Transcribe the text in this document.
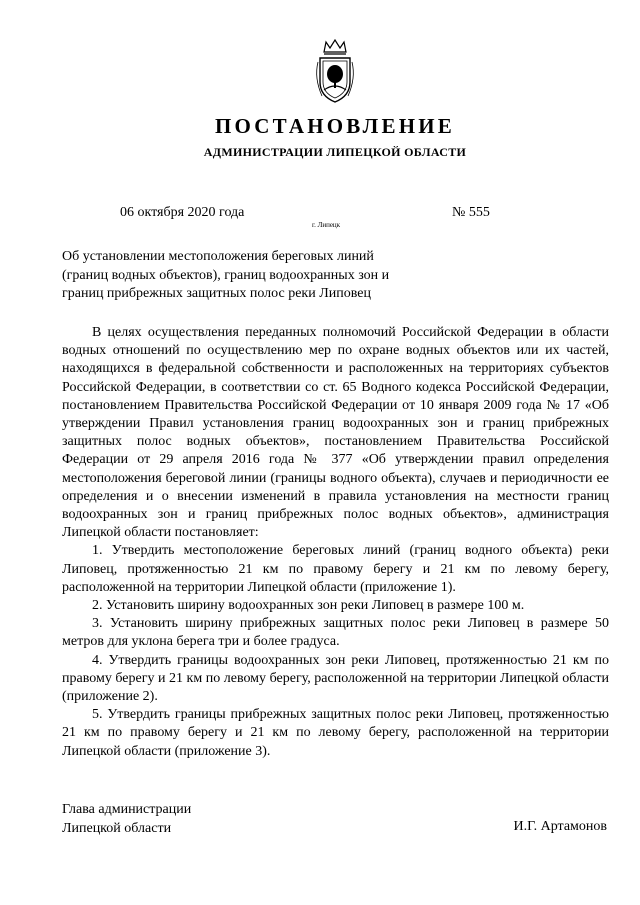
ПОСТАНОВЛЕНИЕ
АДМИНИСТРАЦИИ ЛИПЕЦКОЙ ОБЛАСТИ
06 октября 2020 года
г. Липецк
№ 555
Об установлении местоположения береговых линий
(границ водных объектов), границ водоохранных зон и
границ прибрежных защитных полос реки Липовец

В целях осуществления переданных полномочий Российской Федерации в области водных отношений по осуществлению мер по охране водных объектов или их частей, находящихся в федеральной собственности и расположенных на территориях субъектов Российской Федерации, в соответствии со ст. 65 Водного кодекса Российской Федерации, постановлением Правительства Российской Федерации от 10 января 2009 года № 17 «Об утверждении Правил установления границ водоохранных зон и границ прибрежных защитных полос водных объектов», постановлением Правительства Российской Федерации от 29 апреля 2016 года № 377 «Об утверждении правил определения местоположения береговой линии (границы водного объекта), случаев и периодичности ее определения и о внесении изменений в правила установления на местности границ водоохранных зон и границ прибрежных полос водных объектов», администрация Липецкой области постановляет:

1. Утвердить местоположение береговых линий (границ водного объекта) реки Липовец, протяженностью 21 км по правому берегу и 21 км по левому берегу, расположенной на территории Липецкой области (приложение 1).
2. Установить ширину водоохранных зон реки Липовец в размере 100 м.
3. Установить ширину прибрежных защитных полос реки Липовец в размере 50 метров для уклона берега три и более градуса.
4. Утвердить границы водоохранных зон реки Липовец, протяженностью 21 км по правому берегу и 21 км по левому берегу, расположенной на территории Липецкой области (приложение 2).
5. Утвердить границы прибрежных защитных полос реки Липовец, протяженностью 21 км по правому берегу и 21 км по левому берегу, расположенной на территории Липецкой области (приложение 3).
Глава администрации
Липецкой области	И.Г. Артамонов
